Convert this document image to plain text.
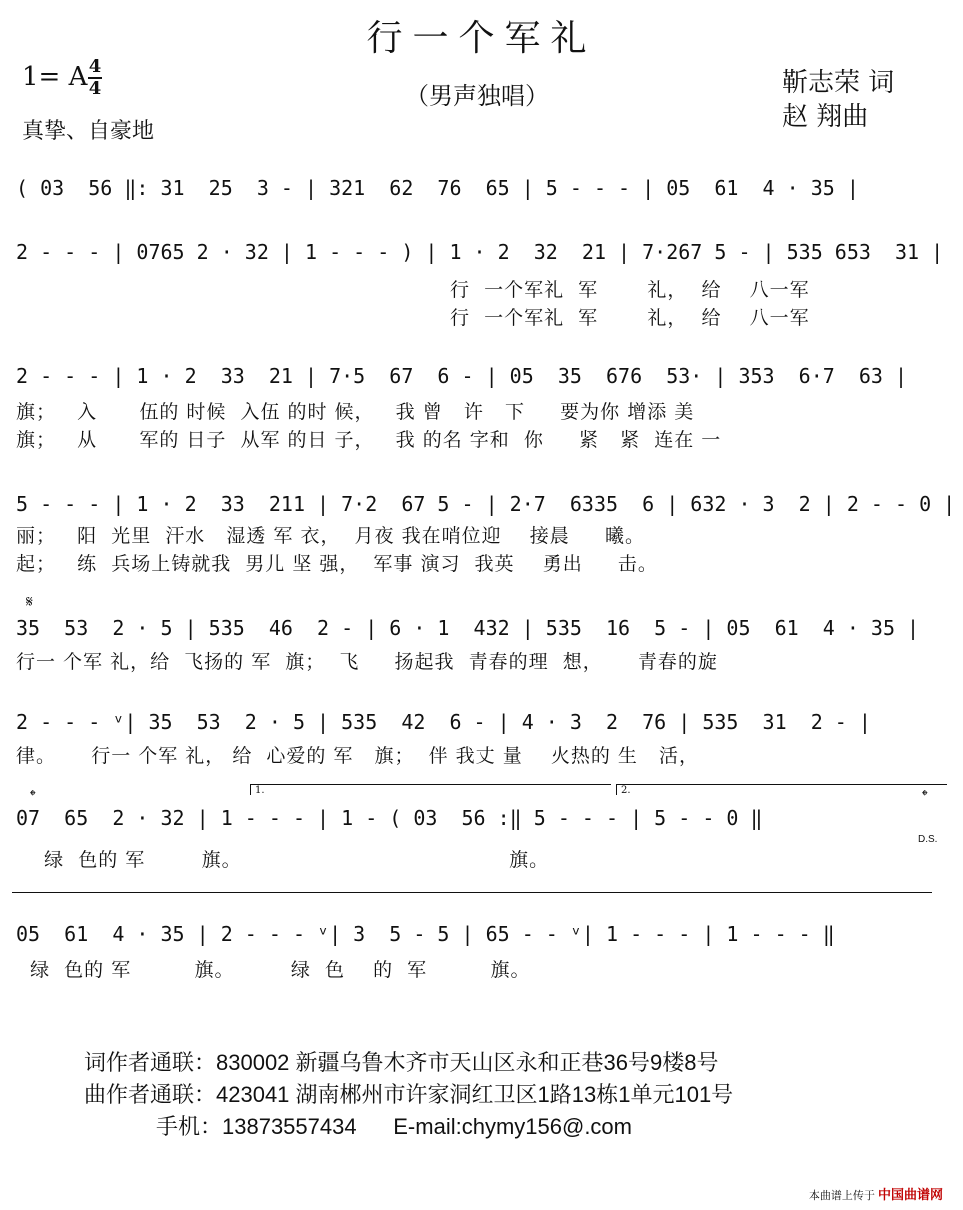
行一个军礼
1= A 4
4	（男声独唱）	靳志荣 词
赵 翔曲
真挚、自豪地
( 03  56 ‖: 31  25  3 - | 321  62  76  65 | 5 - - - | 05  61  4 · 35 |
2 - - - | 0765 2 · 32 | 1 - - - ) | 1 · 2  32  21 | 7·267 5 - | 535 653  31 |
行  一个军礼  军       礼，  给    八一军
行  一个军礼  军       礼，  给    八一军
2 - - - | 1 · 2  33  21 | 7·5  67  6 - | 05  35  676  53· | 353  6·7  63 |
旗；   入      伍的 时候  入伍 的时 候，   我 曾   许   下     要为你 增添 美
旗；   从      军的 日子  从军 的日 子，   我 的名 字和  你     紧   紧  连在 一
5 - - - | 1 · 2  33  211 | 7·2  67 5 - | 2·7  6335  6 | 632 · 3  2 | 2 - - 0 |
丽；   阳  光里  汗水   湿透 军 衣，  月夜 我在哨位迎    接晨     曦。
起；   练  兵场上铸就我  男儿 坚 强，  军事 演习  我英    勇出     击。
𝄋
35  53  2 · 5 | 535  46  2 - | 6 · 1  432 | 535  16  5 - | 05  61  4 · 35 |
行一 个军 礼，给  飞扬的 军  旗；  飞     扬起我  青春的理  想，     青春的旋
2 - - - ᵛ| 35  53  2 · 5 | 535  42  6 - | 4 · 3  2  76 | 535  31  2 - |
律。     行一 个军 礼， 给  心爱的 军   旗；  伴 我丈 量    火热的 生   活，
𝄌	𝄌
1.	2.
07  65  2 · 32 | 1 - - - | 1 - ( 03  56 :‖ 5 - - - | 5 - - 0 ‖
D.S.
绿  色的 军        旗。                                      旗。
05  61  4 · 35 | 2 - - - ᵛ| 3  5 - 5 | 65 - - ᵛ| 1 - - - | 1 - - - ‖
绿  色的 军         旗。        绿  色    的  军         旗。
词作者通联：830002 新疆乌鲁木齐市天山区永和正巷36号9楼8号
曲作者通联：423041 湖南郴州市许家洞红卫区1路13栋1单元101号
手机：13873557434      E-mail:chymy156@.com
本曲谱上传于 中国曲谱网
